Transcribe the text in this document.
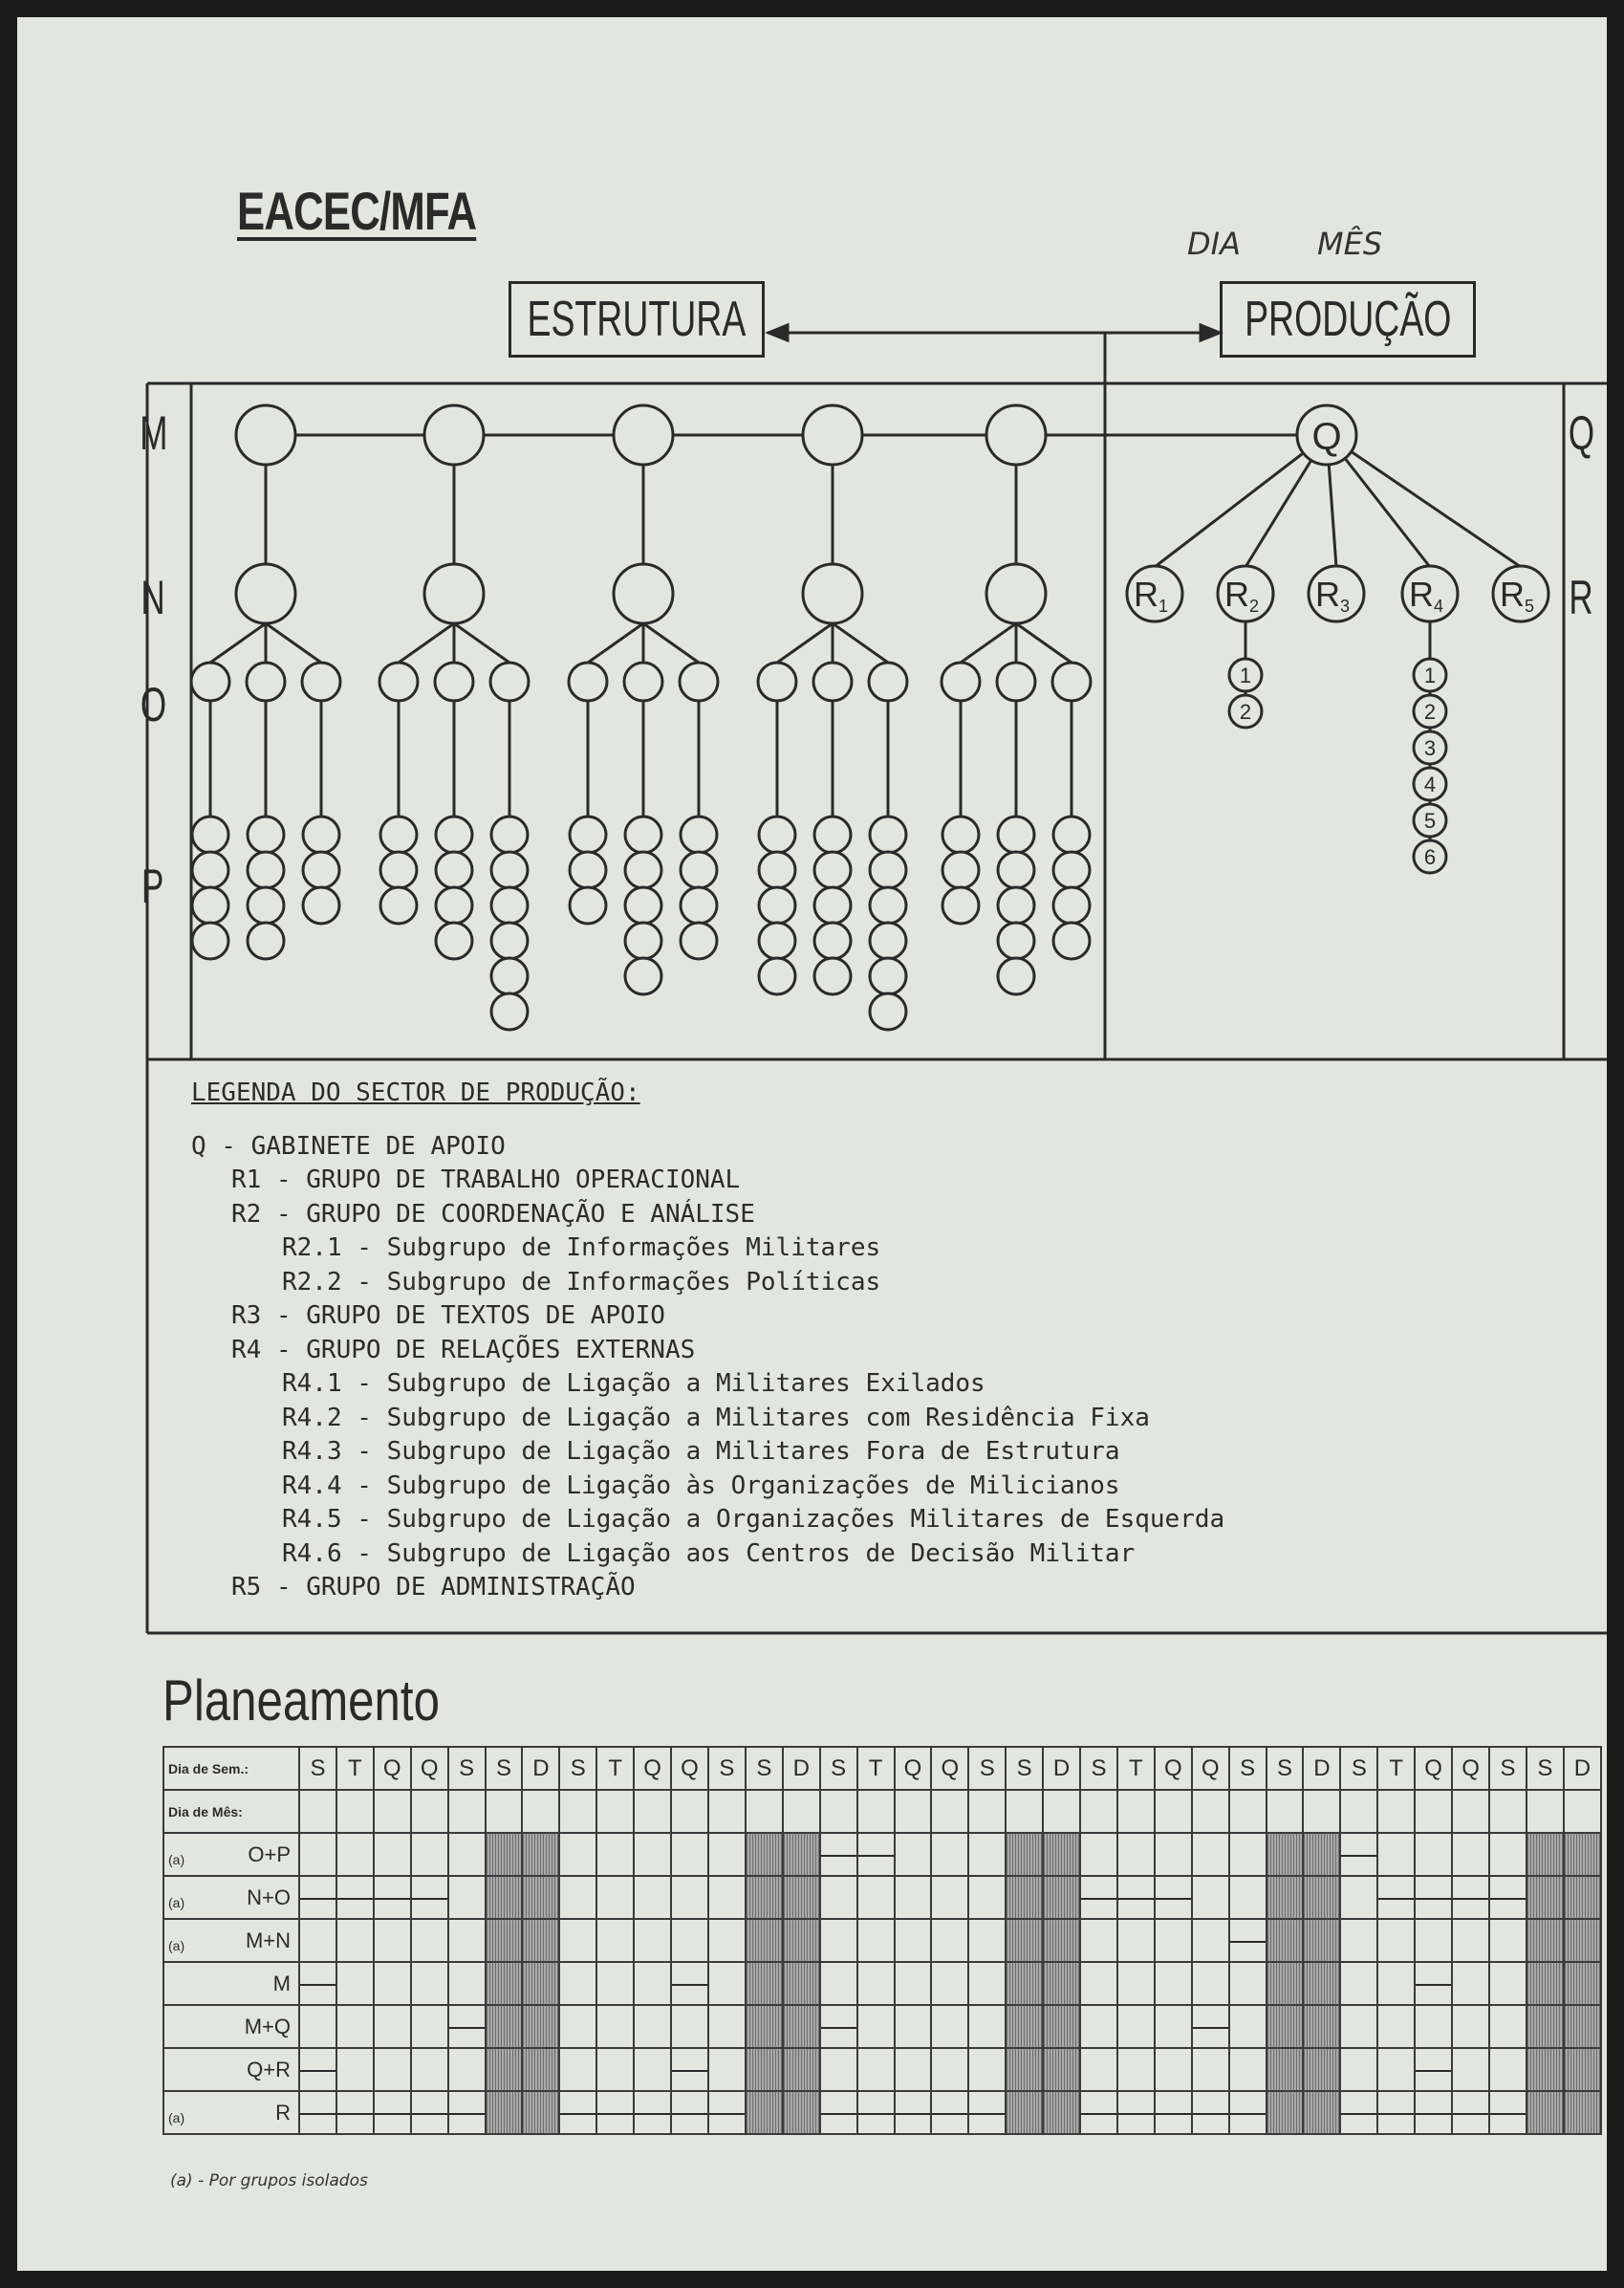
EACEC/MFA
DIA	MÊS
ESTRUTURA	PRODUÇÃO
M
N
O
P
Q
R
Q
R1 R2 R3 R4 R5
1
2
1
2
3
4
5
6
LEGENDA DO SECTOR DE PRODUÇÃO:
Q - GABINETE DE APOIO
R1 - GRUPO DE TRABALHO OPERACIONAL
R2 - GRUPO DE COORDENAÇÃO E ANÁLISE
R2.1 - Subgrupo de Informações Militares
R2.2 - Subgrupo de Informações Políticas
R3 - GRUPO DE TEXTOS DE APOIO
R4 - GRUPO DE RELAÇÕES EXTERNAS
R4.1 - Subgrupo de Ligação a Militares Exilados
R4.2 - Subgrupo de Ligação a Militares com Residência Fixa
R4.3 - Subgrupo de Ligação a Militares Fora de Estrutura
R4.4 - Subgrupo de Ligação às Organizações de Milicianos
R4.5 - Subgrupo de Ligação a Organizações Militares de Esquerda
R4.6 - Subgrupo de Ligação aos Centros de Decisão Militar
R5 - GRUPO DE ADMINISTRAÇÃO
Planeamento
Dia de Sem.:	S	T	Q	Q	S	S	D	S	T	Q	Q	S	S	D	S	T	Q	Q	S	S	D	S	T	Q	Q	S	S	D	S	T	Q	Q	S	S	D
Dia de Mês:																																			

(a) O+P																																			

(a) N+O																																			

(a) M+N																																			
M																																			
M+Q																																			
Q+R																																			

(a) R																																			
(a) - Por grupos isolados
